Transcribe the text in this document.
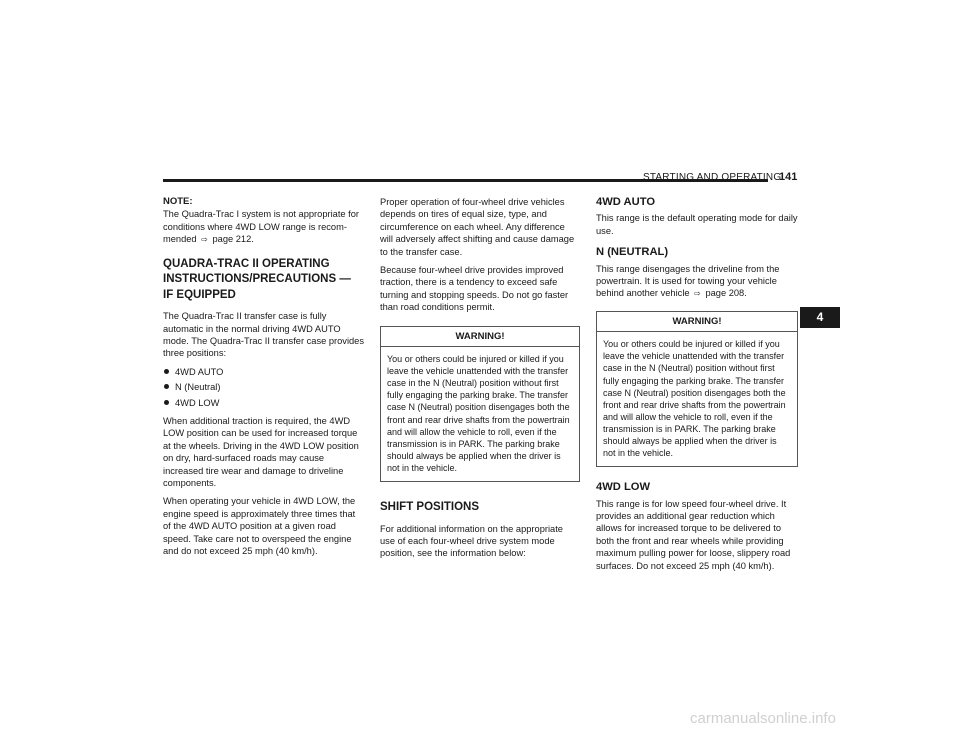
STARTING AND OPERATING
141

NOTE:

The Quadra-Trac I system is not appropriate for conditions where 4WD LOW range is recom-mended ⇨ page 212.

QUADRA-TRAC II OPERATING
INSTRUCTIONS/PRECAUTIONS —
IF EQUIPPED

The Quadra-Trac II transfer case is fully automatic in the normal driving 4WD AUTO mode. The Quadra-Trac II transfer case provides three positions:

4WD AUTO
N (Neutral)
4WD LOW

When additional traction is required, the 4WD LOW position can be used for increased torque at the wheels. Driving in the 4WD LOW position on dry, hard-surfaced roads may cause increased tire wear and damage to driveline components.

When operating your vehicle in 4WD LOW, the engine speed is approximately three times that of the 4WD AUTO position at a given road speed. Take care not to overspeed the engine and do not exceed 25 mph (40 km/h).

Proper operation of four-wheel drive vehicles depends on tires of equal size, type, and circumference on each wheel. Any difference will adversely affect shifting and cause damage to the transfer case.

Because four-wheel drive provides improved traction, there is a tendency to exceed safe turning and stopping speeds. Do not go faster than road conditions permit.

WARNING!
You or others could be injured or killed if you leave the vehicle unattended with the transfer case in the N (Neutral) position without first fully engaging the parking brake. The transfer case N (Neutral) position disengages both the front and rear drive shafts from the powertrain and will allow the vehicle to roll, even if the transmission is in PARK. The parking brake should always be applied when the driver is not in the vehicle.
SHIFT POSITIONS

For additional information on the appropriate use of each four-wheel drive system mode position, see the information below:

4WD AUTO

This range is the default operating mode for daily use.

N (NEUTRAL)

This range disengages the driveline from the powertrain. It is used for towing your vehicle behind another vehicle ⇨ page 208.

WARNING!
You or others could be injured or killed if you leave the vehicle unattended with the transfer case in the N (Neutral) position without first fully engaging the parking brake. The transfer case N (Neutral) position disengages both the front and rear drive shafts from the powertrain and will allow the vehicle to roll, even if the transmission is in PARK. The parking brake should always be applied when the driver is not in the vehicle.
4WD LOW

This range is for low speed four-wheel drive. It provides an additional gear reduction which allows for increased torque to be delivered to both the front and rear wheels while providing maximum pulling power for loose, slippery road surfaces. Do not exceed 25 mph (40 km/h).

4
carmanualsonline.info
